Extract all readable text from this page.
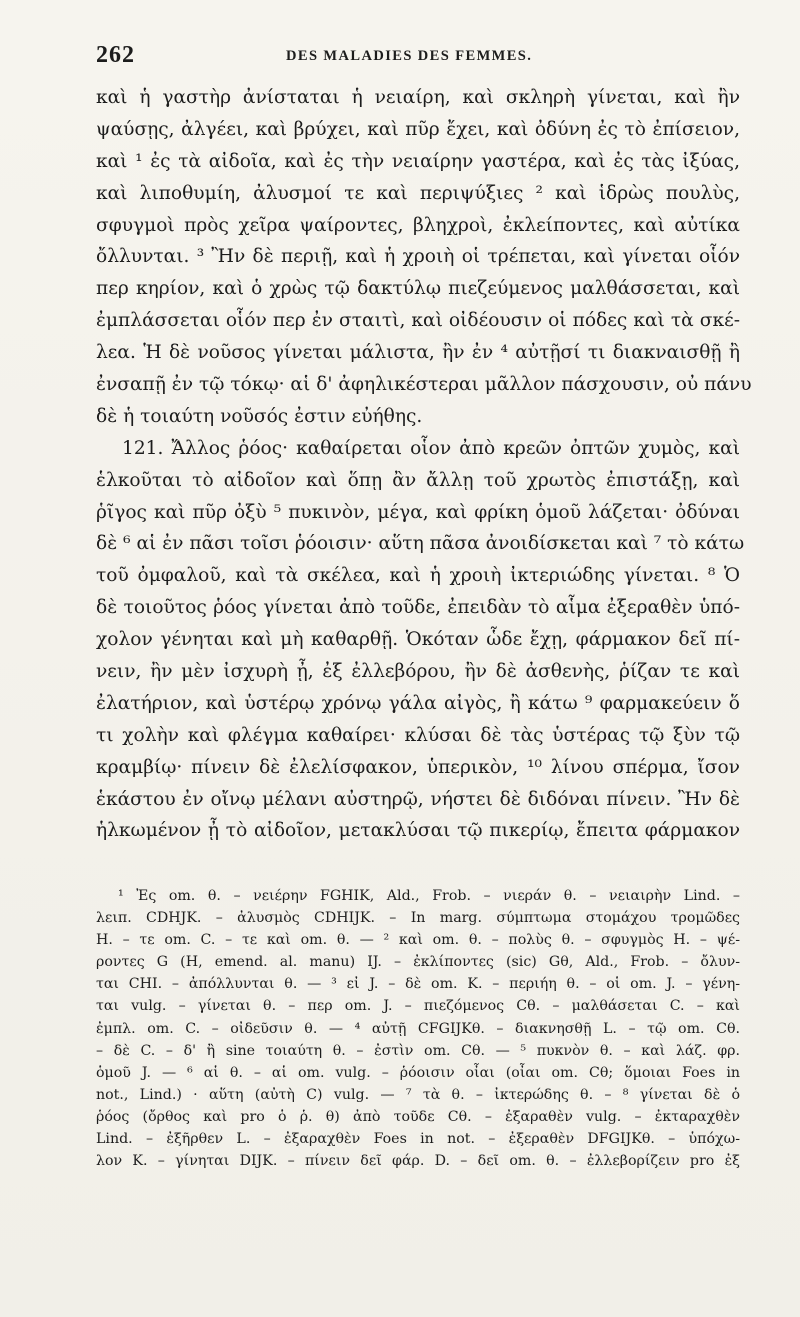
262	DES MALADIES DES FEMMES.
καὶ ἡ γαστὴρ ἀνίσταται ἡ νειαίρη, καὶ σκληρὴ γίνεται, καὶ ἢν
ψαύσῃς, ἀλγέει, καὶ βρύχει, καὶ πῦρ ἔχει, καὶ ὀδύνη ἐς τὸ ἐπίσειον,
καὶ ¹ ἐς τὰ αἰδοῖα, καὶ ἐς τὴν νειαίρην γαστέρα, καὶ ἐς τὰς ἰξύας,
καὶ λιποθυμίη, ἀλυσμοί τε καὶ περιψύξιες ² καὶ ἱδρὼς πουλὺς,
σφυγμοὶ πρὸς χεῖρα ψαίροντες, βληχροὶ, ἐκλείποντες, καὶ αὐτίκα
ὄλλυνται. ³ Ἢν δὲ περιῇ, καὶ ἡ χροιὴ οἱ τρέπεται, καὶ γίνεται οἷόν
περ κηρίον, καὶ ὁ χρὼς τῷ δακτύλῳ πιεζεύμενος μαλθάσσεται, καὶ
ἐμπλάσσεται οἷόν περ ἐν σταιτὶ, καὶ οἰδέουσιν οἱ πόδες καὶ τὰ σκέ-
λεα. Ἡ δὲ νοῦσος γίνεται μάλιστα, ἢν ἐν ⁴ αὐτῇσί τι διακναισθῇ ἢ
ἐνσαπῇ ἐν τῷ τόκῳ· αἱ δ' ἀφηλικέστεραι μᾶλλον πάσχουσιν, οὐ πάνυ
δὲ ἡ τοιαύτη νοῦσός ἐστιν εὐήθης.
121. Ἄλλος ῥόος· καθαίρεται οἷον ἀπὸ κρεῶν ὀπτῶν χυμὸς, καὶ
ἑλκοῦται τὸ αἰδοῖον καὶ ὅπῃ ἂν ἄλλῃ τοῦ χρωτὸς ἐπιστάξῃ, καὶ
ῥῖγος καὶ πῦρ ὀξὺ ⁵ πυκινὸν, μέγα, καὶ φρίκη ὁμοῦ λάζεται· ὀδύναι
δὲ ⁶ αἱ ἐν πᾶσι τοῖσι ῥόοισιν· αὕτη πᾶσα ἀνοιδίσκεται καὶ ⁷ τὸ κάτω
τοῦ ὀμφαλοῦ, καὶ τὰ σκέλεα, καὶ ἡ χροιὴ ἰκτεριώδης γίνεται. ⁸ Ὁ
δὲ τοιοῦτος ῥόος γίνεται ἀπὸ τοῦδε, ἐπειδὰν τὸ αἷμα ἐξεραθὲν ὑπό-
χολον γένηται καὶ μὴ καθαρθῇ. Ὁκόταν ὧδε ἔχῃ, φάρμακον δεῖ πί-
νειν, ἢν μὲν ἰσχυρὴ ᾖ, ἐξ ἐλλεβόρου, ἢν δὲ ἀσθενὴς, ῥίζαν τε καὶ
ἐλατήριον, καὶ ὑστέρῳ χρόνῳ γάλα αἰγὸς, ἢ κάτω ⁹ φαρμακεύειν ὅ
τι χολὴν καὶ φλέγμα καθαίρει· κλύσαι δὲ τὰς ὑστέρας τῷ ξὺν τῷ
κραμβίῳ· πίνειν δὲ ἐλελίσφακον, ὑπερικὸν, ¹⁰ λίνου σπέρμα, ἴσον
ἑκάστου ἐν οἴνῳ μέλανι αὐστηρῷ, νήστει δὲ διδόναι πίνειν. Ἢν δὲ
ἡλκωμένον ᾖ τὸ αἰδοῖον, μετακλύσαι τῷ πικερίῳ, ἔπειτα φάρμακον
¹ Ἐς om. θ. – νειέρην FGHIK, Ald., Frob. – νιεράν θ. – νειαιρὴν Lind. –
λειπ. CDHJK. – ἀλυσμὸς CDHIJK. – In marg. σύμπτωμα στομάχου τρομῶδες
H. – τε om. C. – τε καὶ om. θ. — ² καὶ om. θ. – πολὺς θ. – σφυγμὸς H. – ψέ-
ροντες G (H, emend. al. manu) IJ. – ἐκλίποντες (sic) Gθ, Ald., Frob. – ὄλυν-
ται CHI. – ἀπόλλυνται θ. — ³ εἰ J. – δὲ om. K. – περιήη θ. – οἱ om. J. – γένη-
ται vulg. – γίνεται θ. – περ om. J. – πιεζόμενος Cθ. – μαλθάσεται C. – καὶ
ἐμπλ. om. C. – οἰδεῦσιν θ. — ⁴ αὐτῇ CFGIJKθ. – διακνησθῇ L. – τῷ om. Cθ.
– δὲ C. – δ' ἢ sine τοιαύτη θ. – ἐστὶν om. Cθ. — ⁵ πυκνὸν θ. – καὶ λάζ. φρ.
ὁμοῦ J. — ⁶ αἱ θ. – αἱ om. vulg. – ῥόοισιν οἶαι (οἶαι om. Cθ; ὅμοιαι Foes in
not., Lind.) · αὕτη (αὐτὴ C) vulg. — ⁷ τὰ θ. – ἰκτερώδης θ. – ⁸ γίνεται δὲ ὁ
ῥόος (ὄρθος καὶ pro ὁ ῥ. θ) ἀπὸ τοῦδε Cθ. – ἐξαραθὲν vulg. – ἐκταραχθὲν
Lind. – ἐξῆρθεν L. – ἐξαραχθὲν Foes in not. – ἐξεραθὲν DFGIJKθ. – ὑπόχω-
λον K. – γίνηται DIJK. – πίνειν δεῖ φάρ. D. – δεῖ om. θ. – ἐλλεβορίζειν pro ἐξ
